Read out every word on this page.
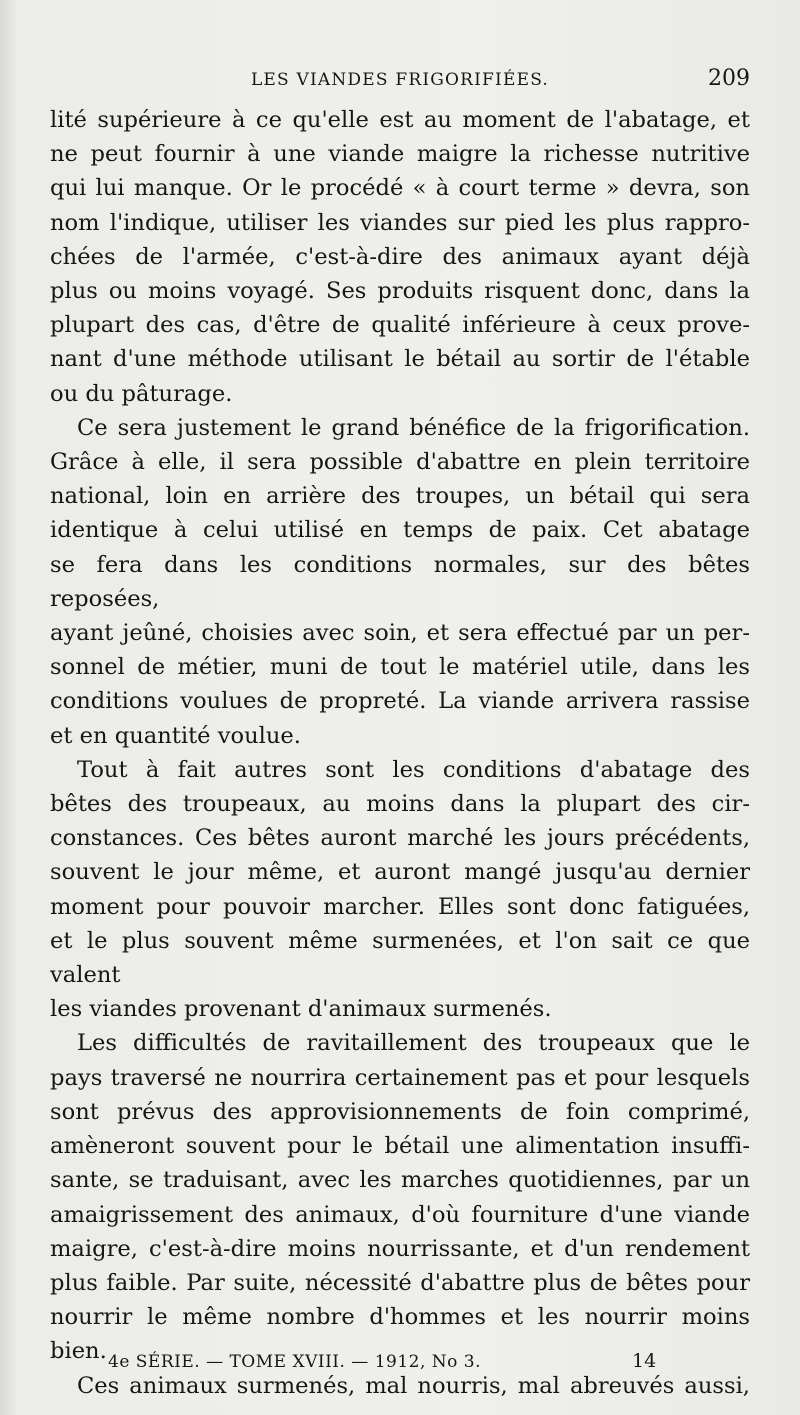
LES VIANDES FRIGORIFIÉES.	209

lité supérieure à ce qu'elle est au moment de l'abatage, et

ne peut fournir à une viande maigre la richesse nutritive

qui lui manque. Or le procédé « à court terme » devra, son

nom l'indique, utiliser les viandes sur pied les plus rappro-

chées de l'armée, c'est-à-dire des animaux ayant déjà

plus ou moins voyagé. Ses produits risquent donc, dans la

plupart des cas, d'être de qualité inférieure à ceux prove-

nant d'une méthode utilisant le bétail au sortir de l'étable

ou du pâturage.

Ce sera justement le grand bénéfice de la frigorification.

Grâce à elle, il sera possible d'abattre en plein territoire

national, loin en arrière des troupes, un bétail qui sera

identique à celui utilisé en temps de paix. Cet abatage

se fera dans les conditions normales, sur des bêtes reposées,

ayant jeûné, choisies avec soin, et sera effectué par un per-

sonnel de métier, muni de tout le matériel utile, dans les

conditions voulues de propreté. La viande arrivera rassise

et en quantité voulue.

Tout à fait autres sont les conditions d'abatage des

bêtes des troupeaux, au moins dans la plupart des cir-

constances. Ces bêtes auront marché les jours précédents,

souvent le jour même, et auront mangé jusqu'au dernier

moment pour pouvoir marcher. Elles sont donc fatiguées,

et le plus souvent même surmenées, et l'on sait ce que valent

les viandes provenant d'animaux surmenés.

Les difficultés de ravitaillement des troupeaux que le

pays traversé ne nourrira certainement pas et pour lesquels

sont prévus des approvisionnements de foin comprimé,

amèneront souvent pour le bétail une alimentation insuffi-

sante, se traduisant, avec les marches quotidiennes, par un

amaigrissement des animaux, d'où fourniture d'une viande

maigre, c'est-à-dire moins nourrissante, et d'un rendement

plus faible. Par suite, nécessité d'abattre plus de bêtes pour

nourrir le même nombre d'hommes et les nourrir moins

bien.

Ces animaux surmenés, mal nourris, mal abreuvés aussi,

4e SÉRIE. — TOME XVIII. — 1912, No 3.	14
